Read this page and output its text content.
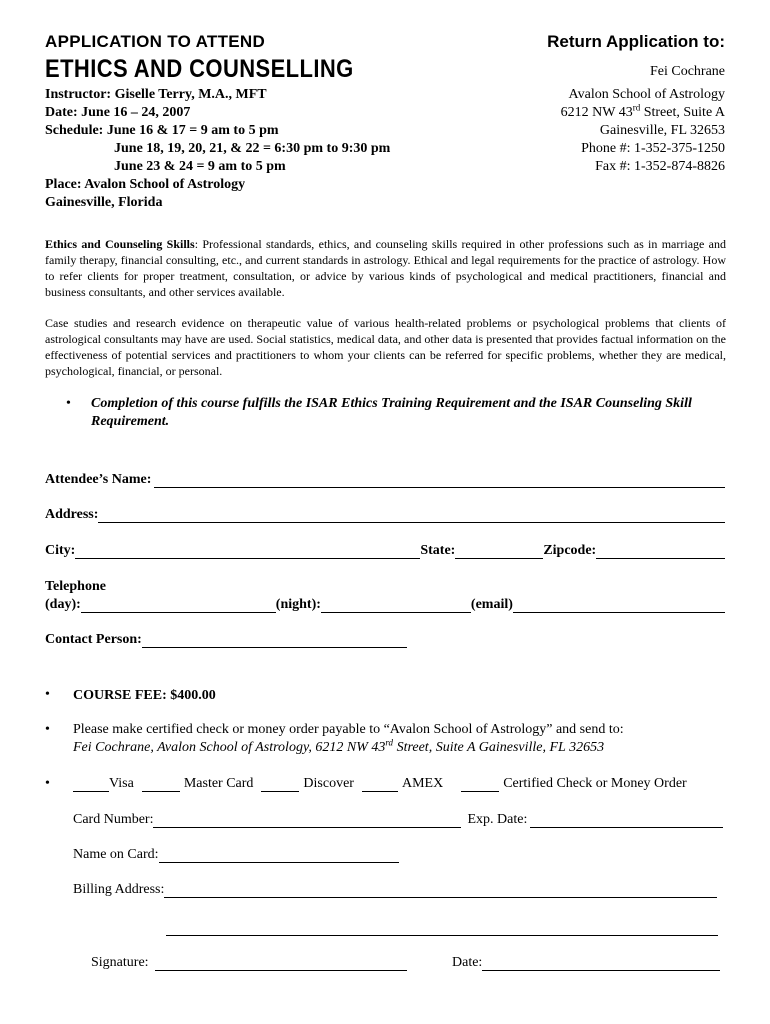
APPLICATION TO ATTEND
ETHICS AND COUNSELLING
Return Application to:
Instructor: Giselle Terry, M.A., MFT
Date: June 16 – 24, 2007
Schedule: June 16 & 17 = 9 am to 5 pm
June 18, 19, 20, 21, & 22 = 6:30 pm to 9:30 pm
June 23 & 24 = 9 am to 5 pm
Place: Avalon School of Astrology
Gainesville, Florida
Fei Cochrane
Avalon School of Astrology
6212 NW 43rd Street, Suite A
Gainesville, FL 32653
Phone #: 1-352-375-1250
Fax #: 1-352-874-8826
Ethics and Counseling Skills: Professional standards, ethics, and counseling skills required in other professions such as in marriage and family therapy, financial consulting, etc., and current standards in astrology. Ethical and legal requirements for the practice of astrology. How to refer clients for proper treatment, consultation, or advice by various kinds of psychological and medical practitioners, financial and business consultants, and other services available.
Case studies and research evidence on therapeutic value of various health-related problems or psychological problems that clients of astrological consultants may have are used. Social statistics, medical data, and other data is presented that provides factual information on the effectiveness of potential services and practitioners to whom your clients can be referred for specific problems, whether they are medical, psychological, financial, or personal.
• Completion of this course fulfills the ISAR Ethics Training Requirement and the ISAR Counseling Skill Requirement.
Attendee’s Name:
Address:
City:	State:	Zipcode:
Telephone
(day):	(night):	(email)
Contact Person:
• COURSE FEE: $400.00
• Please make certified check or money order payable to “Avalon School of Astrology” and send to:
Fei Cochrane, Avalon School of Astrology, 6212 NW 43rd Street, Suite A Gainesville, FL 32653
•	Visa	Master Card	Discover	AMEX	Certified Check or Money Order
Card Number:	Exp. Date:
Name on Card:
Billing Address:
Signature:	Date:
